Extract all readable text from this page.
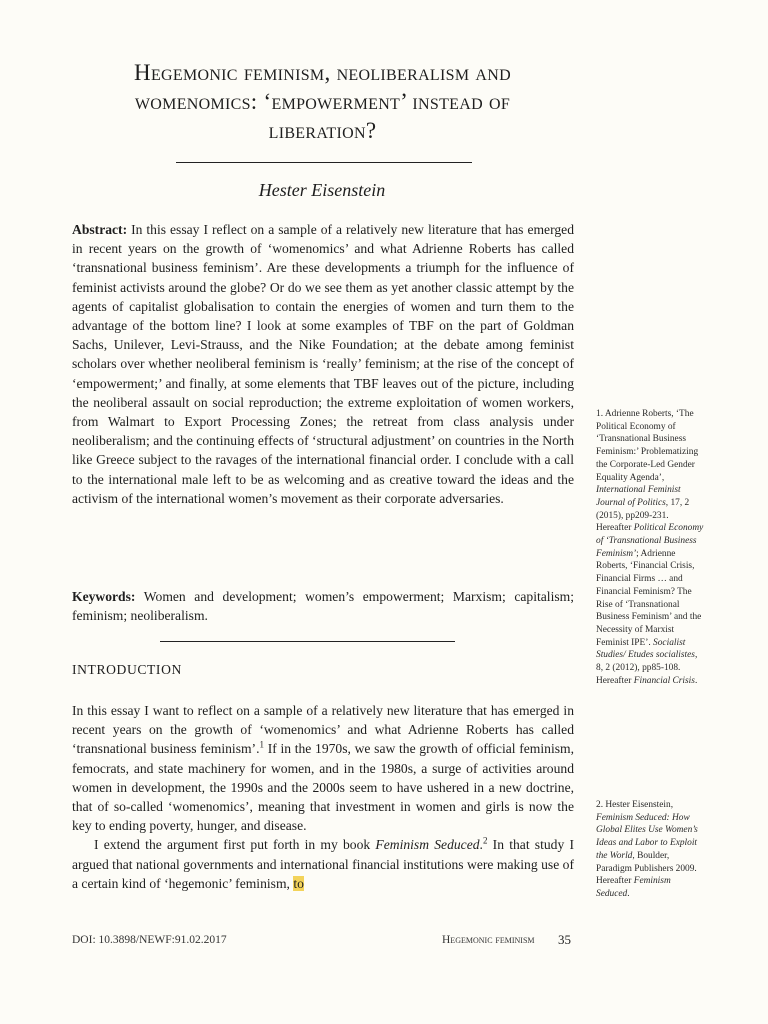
Hegemonic feminism, neoliberalism and womenomics: ‘empowerment’ instead of liberation?

Hester Eisenstein

Abstract: In this essay I reflect on a sample of a relatively new literature that has emerged in recent years on the growth of ‘womenomics’ and what Adrienne Roberts has called ‘transnational business feminism’. Are these developments a triumph for the influence of feminist activists around the globe? Or do we see them as yet another classic attempt by the agents of capitalist globalisation to contain the energies of women and turn them to the advantage of the bottom line? I look at some examples of TBF on the part of Goldman Sachs, Unilever, Levi-Strauss, and the Nike Foundation; at the debate among feminist scholars over whether neoliberal feminism is ‘really’ feminism; at the rise of the concept of ‘empowerment;’ and finally, at some elements that TBF leaves out of the picture, including the neoliberal assault on social reproduction; the extreme exploitation of women workers, from Walmart to Export Processing Zones; the retreat from class analysis under neoliberalism; and the continuing effects of ‘structural adjustment’ on countries in the North like Greece subject to the ravages of the international financial order. I conclude with a call to the international male left to be as welcoming and as creative toward the ideas and the activism of the international women’s movement as their corporate adversaries.

Keywords: Women and development; women’s empowerment; Marxism; capitalism; feminism; neoliberalism.

INTRODUCTION

In this essay I want to reflect on a sample of a relatively new literature that has emerged in recent years on the growth of ‘womenomics’ and what Adrienne Roberts has called ‘transnational business feminism’.$^1$ If in the 1970s, we saw the growth of official feminism, femocrats, and state machinery for women, and in the 1980s, a surge of activities around women in development, the 1990s and the 2000s seem to have ushered in a new doctrine, that of so-called ‘womenomics’, meaning that investment in women and girls is now the key to ending poverty, hunger, and disease.

I extend the argument first put forth in my book Feminism Seduced.$^2$ In that study I argued that national governments and international financial institutions were making use of a certain kind of ‘hegemonic’ feminism, to

1. Adrienne Roberts, ‘The Political Economy of ‘Transnational Business Feminism:’ Problematizing the Corporate-Led Gender Equality Agenda’, International Feminist Journal of Politics, 17, 2 (2015), pp209-231. Hereafter Political Economy of ‘Transnational Business Feminism’; Adrienne Roberts, ‘Financial Crisis, Financial Firms … and Financial Feminism? The Rise of ‘Transnational Business Feminism’ and the Necessity of Marxist Feminist IPE’. Socialist Studies/ Etudes socialistes, 8, 2 (2012), pp85-108. Hereafter Financial Crisis.
2. Hester Eisenstein, Feminism Seduced: How Global Elites Use Women’s Ideas and Labor to Exploit the World, Boulder, Paradigm Publishers 2009. Hereafter Feminism Seduced.
DOI: 10.3898/NEWF:91.02.2017	Hegemonic feminism 35
